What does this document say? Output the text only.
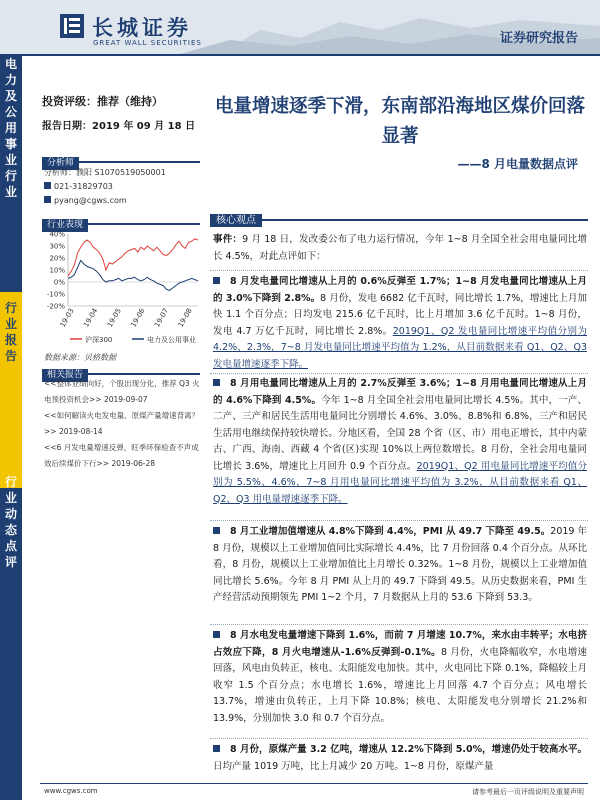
长城证券
GREAT WALL SECURITIES	证券研究报告
电力及公用事业行业
行业报告
行业动态点评
投资评级：推荐（维持）
报告日期：2019 年 09 月 18 日
电量增速逐季下滑，东南部沿海地区煤价回落显著
——8 月电量数据点评
分析师
分析师：濮阳 S1070519050001
021-31829703
pyang@cgws.com
行业表现
40%
30%
20%
10%
0%
-10%
-20%
19-03 19-04 19-05 19-06 19-07 19-08
沪深300	电力及公用事业
数据来源：贝格数据
相关报告
<<整体业绩向好，个股出现分化，推荐 Q3 火电预投资机会>> 2019-09-07
<<如何解读火电发电量、原煤产量增速背离？>> 2019-08-14
<<6 月发电量增速反弹，旺季环保检查不声成效后续煤价下行>> 2019-06-28
核心观点
事件：9 月 18 日，发改委公布了电力运行情况，今年 1~8 月全国全社会用电量同比增长 4.5%，对此点评如下：
8 月发电量同比增速从上月的 0.6%反弹至 1.7%；1~8 月发电量同比增速从上月的 3.0%下降到 2.8%。8 月份，发电 6682 亿千瓦时，同比增长 1.7%，增速比上月加快 1.1 个百分点；日均发电 215.6 亿千瓦时，比上月增加 3.6 亿千瓦时。1~8 月份，发电 4.7 万亿千瓦时，同比增长 2.8%。2019Q1、Q2 发电量同比增速平均值分别为 4.2%、2.3%，7~8 月发电量同比增速平均值为 1.2%，从目前数据来看 Q1、Q2、Q3 发电量增速逐季下降。
8 月用电量同比增速从上月的 2.7%反弹至 3.6%；1~8 月用电量同比增速从上月的 4.6%下降到 4.5%。今年 1~8 月全国全社会用电量同比增长 4.5%。其中，一产、二产、三产和居民生活用电量同比分别增长 4.6%、3.0%、8.8%和 6.8%，三产和居民生活用电继续保持较快增长。分地区看，全国 28 个省（区、市）用电正增长，其中内蒙古、广西、海南、西藏 4 个省(区)实现 10%以上两位数增长。8 月份，全社会用电量同比增长 3.6%，增速比上月回升 0.9 个百分点。2019Q1、Q2 用电量同比增速平均值分别为 5.5%、4.6%，7~8 月用电量同比增速平均值为 3.2%，从目前数据来看 Q1、Q2、Q3 用电量增速逐季下降。
8 月工业增加值增速从 4.8%下降到 4.4%，PMI 从 49.7 下降至 49.5。2019 年 8 月份，规模以上工业增加值同比实际增长 4.4%，比 7 月份回落 0.4 个百分点。从环比看，8 月份，规模以上工业增加值比上月增长 0.32%。1~8 月份，规模以上工业增加值同比增长 5.6%。今年 8 月 PMI 从上月的 49.7 下降到 49.5。从历史数据来看，PMI 生产经营活动预期领先 PMI 1~2 个月，7 月数据从上月的 53.6 下降到 53.3。
8 月水电发电量增速下降到 1.6%，而前 7 月增速 10.7%，来水由丰转平；水电挤占效应下降，8 月火电增速从-1.6%反弹到-0.1%。8 月份，火电降幅收窄，水电增速回落，风电由负转正，核电、太阳能发电加快。其中，火电同比下降 0.1%，降幅较上月收窄 1.5 个百分点；水电增长 1.6%，增速比上月回落 4.7 个百分点；风电增长 13.7%，增速由负转正，上月下降 10.8%；核电、太阳能发电分别增长 21.2%和 13.9%，分别加快 3.0 和 0.7 个百分点。
8 月份，原煤产量 3.2 亿吨，增速从 12.2%下降到 5.0%，增速仍处于较高水平。日均产量 1019 万吨，比上月减少 20 万吨。1~8 月份，原煤产量
www.cgws.com	请参考最后一页评级说明及重要声明
